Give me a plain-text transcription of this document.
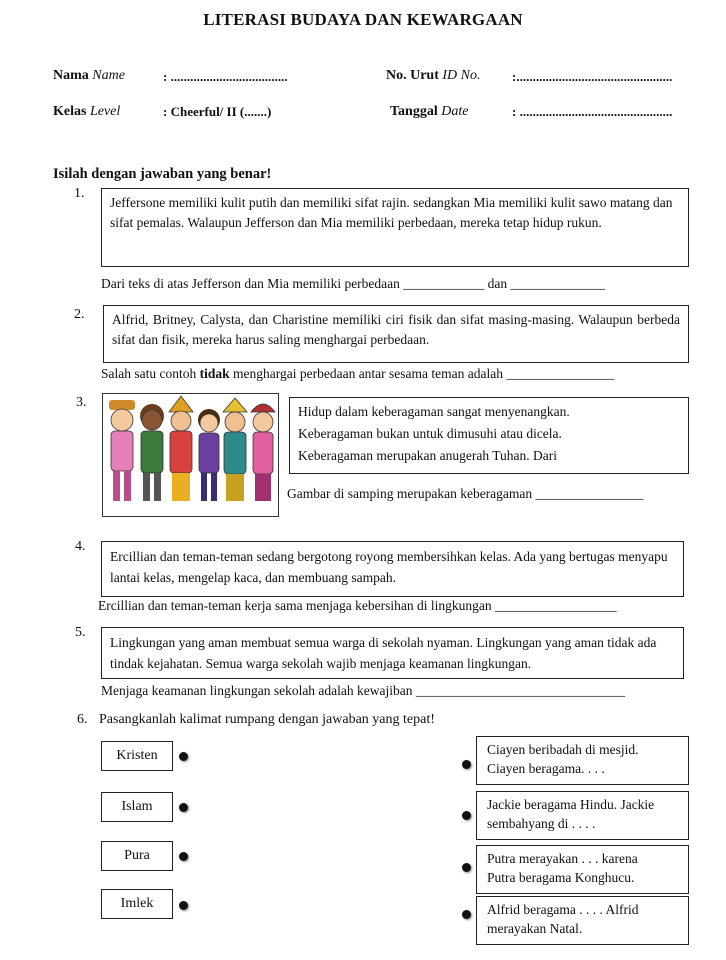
LITERASI BUDAYA DAN KEWARGAAN
Nama Name	: ....................................	No. Urut ID No. :................................................
Kelas Level	: Cheerful/ II (.......)	Tanggal Date	: ...............................................
Isilah dengan jawaban yang benar!
1.
Jeffersone memiliki kulit putih dan memiliki sifat rajin. sedangkan Mia memiliki kulit sawo matang dan sifat pemalas. Walaupun Jefferson dan Mia memiliki perbedaan, mereka tetap hidup rukun.
Dari teks di atas Jefferson dan Mia memiliki perbedaan ____________ dan ______________
2.	Alfrid, Britney, Calysta, dan Charistine memiliki ciri fisik dan sifat masing-masing. Walaupun berbeda sifat dan fisik, mereka harus saling menghargai perbedaan.
Salah satu contoh tidak menghargai perbedaan antar sesama teman adalah ________________
3.
Hidup dalam keberagaman sangat menyenangkan.
Keberagaman bukan untuk dimusuhi atau dicela.
Keberagaman merupakan anugerah Tuhan. Dari
Gambar di samping merupakan keberagaman ________________
4.
Ercillian dan teman-teman sedang bergotong royong membersihkan kelas. Ada yang bertugas menyapu lantai kelas, mengelap kaca, dan membuang sampah.
Ercillian dan teman-teman kerja sama menjaga kebersihan di lingkungan __________________
5.
Lingkungan yang aman membuat semua warga di sekolah nyaman. Lingkungan yang aman tidak ada tindak kejahatan. Semua warga sekolah wajib menjaga keamanan lingkungan.
Menjaga keamanan lingkungan sekolah adalah kewajiban _______________________________
6. Pasangkanlah kalimat rumpang dengan jawaban yang tepat!
Kristen
Islam
Pura
Imlek
Ciayen beribadah di mesjid.
Ciayen beragama. . . .
Jackie beragama Hindu. Jackie
sembahyang di . . . .
Putra merayakan . . . karena
Putra beragama Konghucu.
Alfrid beragama . . . . Alfrid
merayakan Natal.
